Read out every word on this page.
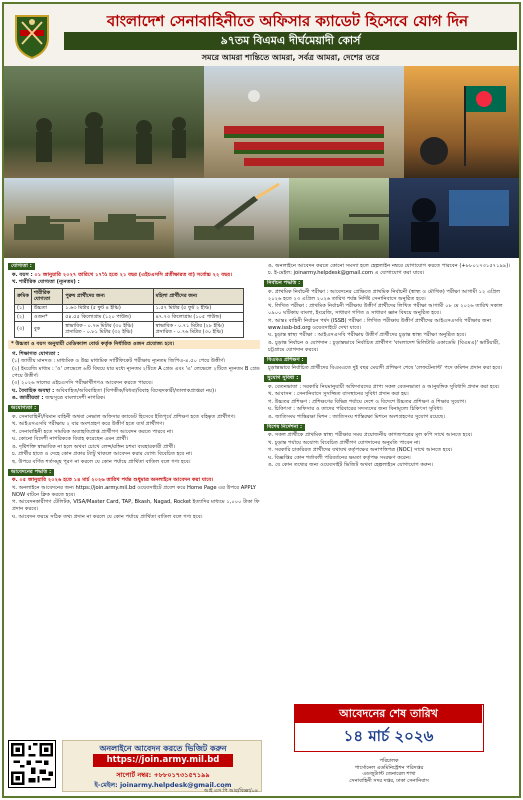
বাংলাদেশ সেনাবাহিনীতে অফিসার ক্যাডেট হিসেবে যোগ দিন
৯৭তম বিএমএ দীর্ঘমেয়াদী কোর্স
সমরে আমরা শান্তিতে আমরা, সর্বত্র আমরা, দেশের তরে
যোগ্যতা :
ক. বয়স : ০১ জানুয়ারি ২০২৭ তারিখে ১৭½ হতে ২১ বছর (এইচএসসি প্রতীক্ষারত বা) সর্বোচ্চ ২২ বছর।
খ. শারীরিক যোগ্যতা (ন্যূনতম) :
ক্রমিক	শারীরিক যোগ্যতা	পুরুষ প্রার্থীদের জন্য	মহিলা প্রার্থীদের জন্য
(১)	উচ্চতা	১.৬৩ মিটার (৫ ফুট ৪ ইঞ্চি)	১.৫৭ মিটার (৫ ফুট ২ ইঞ্চি)
(২)	ওজন*	৫৪.৫৫ কিলোগ্রাম (১২০ পাউন্ড)	৪৭.৭৩ কিলোগ্রাম (১০৫ পাউন্ড)
(৩)	বুক	স্বাভাবিক - ০.৭৬ মিটার (৩০ ইঞ্চি) প্রসারিত - ০.৮১ মিটার (৩২ ইঞ্চি)	স্বাভাবিক - ০.৭১ মিটার (২৮ ইঞ্চি) প্রসারিত - ০.৭৬ মিটার (৩০ ইঞ্চি)
* উচ্চতা ও বয়স অনুযায়ী মেডিক্যাল বোর্ড কর্তৃক নির্ধারিত ওজন প্রযোজ্য হবে।
গ. শিক্ষাগত যোগ্যতা :
(১) জাতীয় মানদণ্ড : মাধ্যমিক ও উচ্চ মাধ্যমিক সার্টিফিকেট পরীক্ষায় ন্যূনতম জিপিএ-৪.৫০ পেয়ে উত্তীর্ণ।
(২) ইংরেজি মাধ্যম : 'ও' লেভেলে ৬টি বিষয়ে যার মধ্যে ন্যূনতম ২টিতে A গ্রেড এবং 'এ' লেভেলে ২টিতে ন্যূনতম B গ্রেড পেয়ে উত্তীর্ণ।
(৩) ২০২৬ সালের এইচএসসি পরীক্ষার্থীগণও আবেদন করতে পারবে।
ঘ. বৈবাহিক অবস্থা : অবিবাহিত/অবিবাহিতা (বিপত্নীক/বিধবা/বিবাহ বিচ্ছেদকারী/তালাকপ্রাপ্তরা নয়)।
ঙ. জাতীয়তা : জন্মসূত্রে বাংলাদেশী নাগরিক।
অযোগ্যতা :
ক. সেনাবাহিনী/বিমান বাহিনী অথবা নেভাল অফিসার ক্যাডেট হিসেবে ইতিপূর্বে প্রশিক্ষণ হতে বহিষ্কৃত প্রার্থীগণ।
খ. আইএসএসবি পরীক্ষায় ২ বার অংশগ্রহণ করে উত্তীর্ণ হতে ব্যর্থ প্রার্থীগণ।
গ. সেনাবাহিনী হতে সাময়িক অব্যাহতিপ্রাপ্ত প্রার্থীগণ আবেদন করতে পারবে না।
ঘ. কোনো বিদেশী নাগরিককে বিবাহ করেছেন এমন প্রার্থী।
ঙ. দৃষ্টিশক্তি স্বাভাবিক না হলে অথবা চোখে লেন্স/রঙ্গিন চশমা ব্যবহারকারী প্রার্থী।
চ. প্রার্থীর হাতে ও দেহে কোন প্রকার ট্যাটু থাকলে আবেদন করার যোগ্য বিবেচিত হবে না।
ছ. উপরে বর্ণিত শর্তসমূহ পূরণ না করলে যে কোন পর্যায়ে প্রার্থিতা বাতিল বলে গণ্য হবে।
আবেদনের পদ্ধতি :
ক. ০৫ জানুয়ারি ২০২৬ হতে ১৪ মার্চ ২০২৬ তারিখ পর্যন্ত শুধুমাত্র অনলাইনে আবেদন করা যাবে।
খ. অনলাইনে আবেদনের জন্য https://join.army.mil.bd ওয়েবসাইটে প্রবেশ করে Home Page এর উপরে APPLY NOW বাটনে ক্লিক করতে হবে।
গ. আবেদনকারীগণ টেলিটক, VISA/Master Card, TAP, Bkash, Nagad, Rocket ইত্যাদির মাধ্যমে ১,০০০ টাকা ফি প্রদান করবে।
ঘ. আবেদন ফরমে সঠিক তথ্য প্রদান না করলে যে কোন পর্যায়ে প্রার্থিতা বাতিল বলে গণ্য হবে।
ঙ. অনলাইনে আবেদন করতে কোনো সমস্যা হলে হেল্পলাইন নম্বরে যোগাযোগ করতে পারবেন (+৮৮০১৭৩১৫৭১৯৯)।
চ. ই-মেইল: joinarmy.helpdesk@gmail.com এ যোগাযোগ করা যাবে।
নির্বাচন পদ্ধতি :
ক. প্রাথমিক নির্বাচনী পরীক্ষা : আবেদনের প্রেক্ষিতে প্রাথমিক নির্বাচনী (স্বাস্থ্য ও মৌখিক) পরীক্ষা আগামী ১২ এপ্রিল ২০২৬ হতে ২৩ এপ্রিল ২০২৬ তারিখ পর্যন্ত নির্দিষ্ট সেনানিবাসে অনুষ্ঠিত হবে।
খ. লিখিত পরীক্ষা : প্রাথমিক নির্বাচনী পরীক্ষায় উত্তীর্ণ প্রার্থীদের লিখিত পরীক্ষা আগামী ০৮ মে ২০২৬ তারিখ সকাল ০৯০০ ঘটিকায় বাংলা, ইংরেজি, সাধারণ গণিত ও সাধারণ জ্ঞান বিষয়ে অনুষ্ঠিত হবে।
গ. আন্তঃ বাহিনী নির্বাচন পর্ষদ (ISSB) পরীক্ষা : লিখিত পরীক্ষায় উত্তীর্ণ প্রার্থীদের আইএসএসবি পরীক্ষার জন্য www.issb-bd.org ওয়েবসাইটে দেখা যাবে।
ঘ. চূড়ান্ত স্বাস্থ্য পরীক্ষা : আইএসএসবি পরীক্ষায় উত্তীর্ণ প্রার্থীদের চূড়ান্ত স্বাস্থ্য পরীক্ষা অনুষ্ঠিত হবে।
ঙ. চূড়ান্ত নির্বাচন ও যোগদান : চূড়ান্তভাবে নির্বাচিত প্রার্থীগণ 'বাংলাদেশ মিলিটারি একাডেমি (বিএমএ)' ভাটিয়ারী, চট্টগ্রামে যোগদান করবে।
বিএমএ প্রশিক্ষণ :
চূড়ান্তভাবে নির্বাচিত প্রার্থীদের বিএমএতে দুই বছর মেয়াদী প্রশিক্ষণ শেষে 'লেফটেন্যান্ট' পদে কমিশন প্রদান করা হবে।
সুযোগ সুবিধা :
ক. বেতনভাতা : সরকারি নিয়মানুযায়ী অফিসারদের প্রাপ্য সকল বেতনভাতা ও আনুষঙ্গিক সুবিধাদি প্রদান করা হবে।
খ. আবাসন : সেনানিবাসে সুসজ্জিত বাসস্থানের সুবিধা প্রদান করা হয়।
গ. উচ্চতর প্রশিক্ষণ : প্রশিক্ষণের বিভিন্ন পর্যায়ে দেশে ও বিদেশে উচ্চতর প্রশিক্ষণ ও শিক্ষার সুযোগ।
ঘ. চিকিৎসা : অফিসার ও তাদের পরিবারের সদস্যদের জন্য বিনামূল্যে চিকিৎসা সুবিধা।
ঙ. জাতিসংঘ শান্তিরক্ষা মিশন : জাতিসংঘ শান্তিরক্ষা মিশনে অংশগ্রহণের সুযোগ রয়েছে।
বিশেষ নির্দেশনা :
ক. সকল প্রার্থীকে প্রাথমিক স্বাস্থ্য পরীক্ষার সময় প্রয়োজনীয় কাগজপত্রের মূল কপি সাথে আনতে হবে।
খ. চূড়ান্ত পর্যায়ে অযোগ্য বিবেচিত প্রার্থীগণ যোগদানের অনুমতি পাবেন না।
গ. সরকারি চাকরিরত প্রার্থীদের যথাযথ কর্তৃপক্ষের অনাপত্তিপত্র (NOC) সাথে আনতে হবে।
ঘ. বিজ্ঞপ্তির কোন শর্তাবলী পরিবর্তনের ক্ষমতা কর্তৃপক্ষ সংরক্ষণ করেন।
ঙ. যে কোন তথ্যের জন্য ওয়েবসাইট ভিজিট অথবা হেল্পলাইনে যোগাযোগ করুন।
অনলাইনে আবেদন করতে ভিজিট করুন
https://join.army.mil.bd
সাপোর্ট নম্বর: +৮৮০১৭৩১৫৭১৯৯
ই-মেইল: joinarmy.helpdesk@gmail.com
আবেদনের শেষ তারিখ
১৪ মার্চ ২০২৬
পরিচালক
পার্সোনেল এডমিনিস্ট্রেশন পরিদপ্তর
এডজুট্যান্ট জেনারেল শাখা
সেনাবাহিনী সদর দপ্তর, ঢাকা সেনানিবাস
আই এস পি আর/বিজ্ঞা/০৪
